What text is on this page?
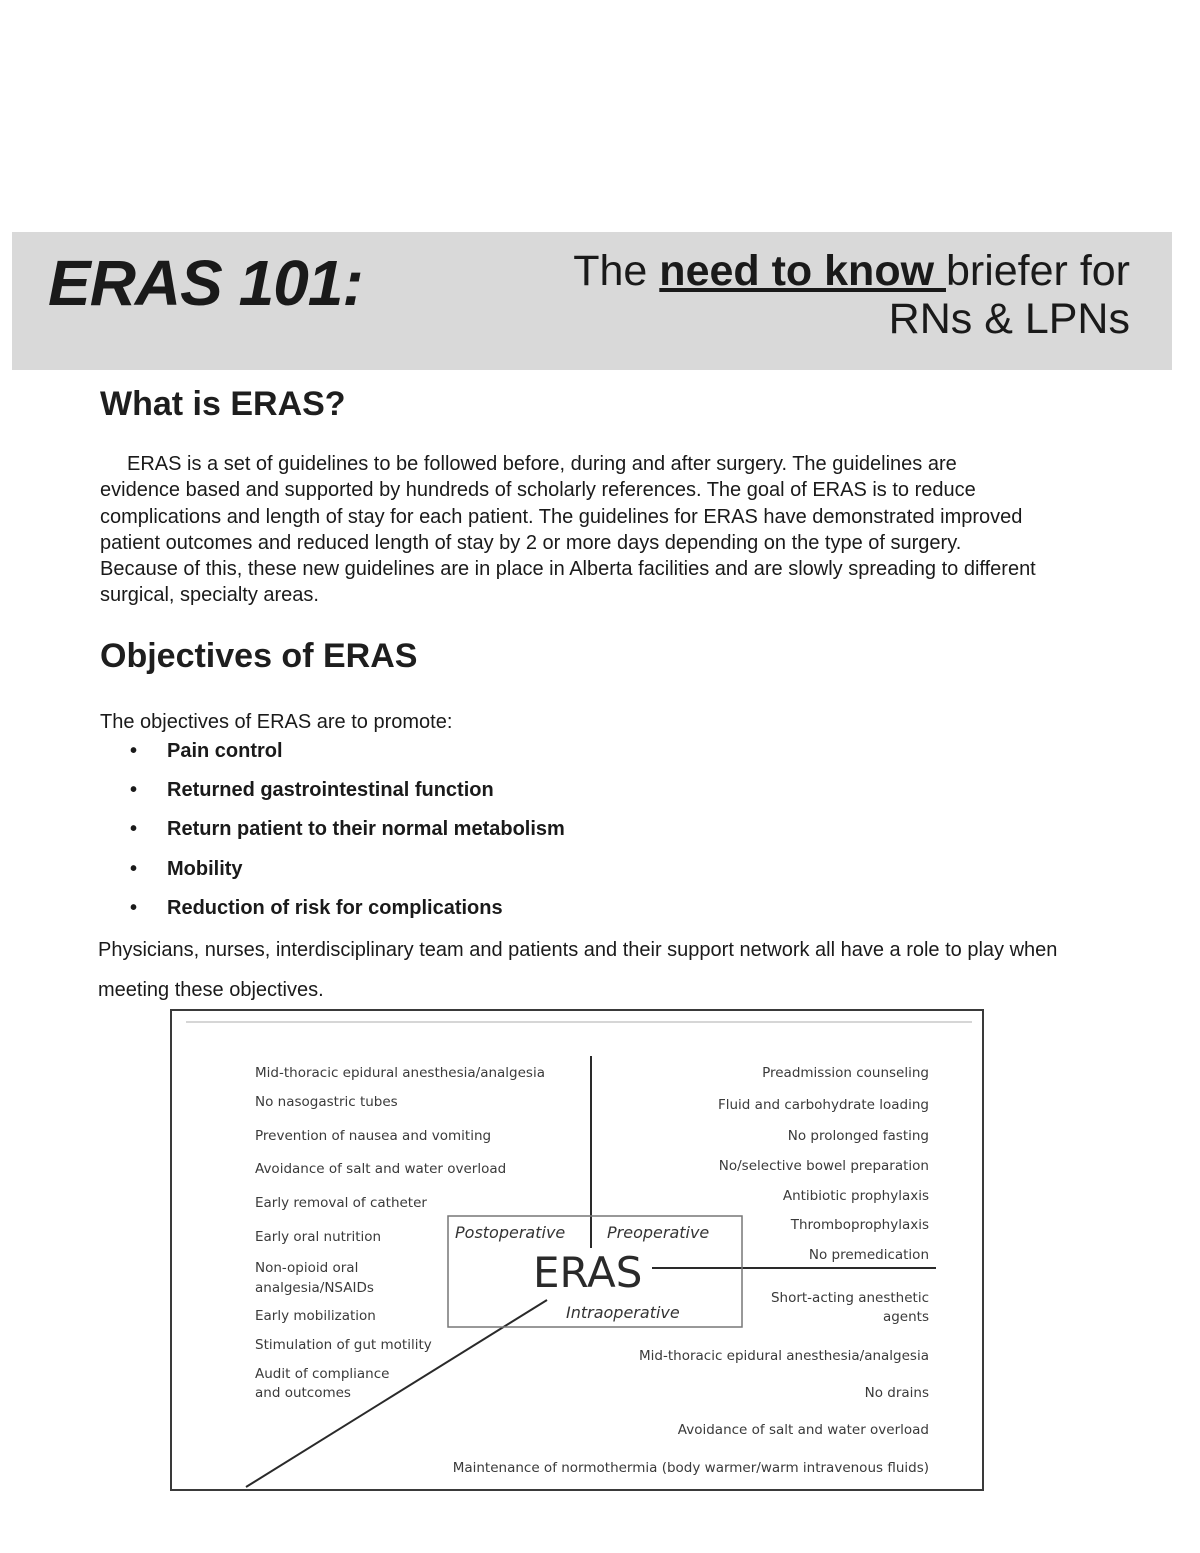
ERAS 101:	The need to know briefer for
RNs & LPNs
What is ERAS?

ERAS is a set of guidelines to be followed before, during and after surgery. The guidelines are evidence based and supported by hundreds of scholarly references. The goal of ERAS is to reduce complications and length of stay for each patient. The guidelines for ERAS have demonstrated improved patient outcomes and reduced length of stay by 2 or more days depending on the type of surgery. Because of this, these new guidelines are in place in Alberta facilities and are slowly spreading to different surgical, specialty areas.

Objectives of ERAS

The objectives of ERAS are to promote:

• Pain control
• Returned gastrointestinal function
• Return patient to their normal metabolism
• Mobility
• Reduction of risk for complications

Physicians, nurses, interdisciplinary team and patients and their support network all have a role to play when meeting these objectives.

ERAS
Postoperative	Preoperative
Intraoperative
Mid-thoracic epidural anesthesia/analgesia
No nasogastric tubes
Prevention of nausea and vomiting
Avoidance of salt and water overload
Early removal of catheter
Early oral nutrition
Non-opioid oral
analgesia/NSAIDs
Early mobilization
Stimulation of gut motility
Audit of compliance
and outcomes
Preadmission counseling
Fluid and carbohydrate loading
No prolonged fasting
No/selective bowel preparation
Antibiotic prophylaxis
Thromboprophylaxis
No premedication
Short-acting anesthetic
agents
Mid-thoracic epidural anesthesia/analgesia
No drains
Avoidance of salt and water overload
Maintenance of normothermia (body warmer/warm intravenous fluids)
